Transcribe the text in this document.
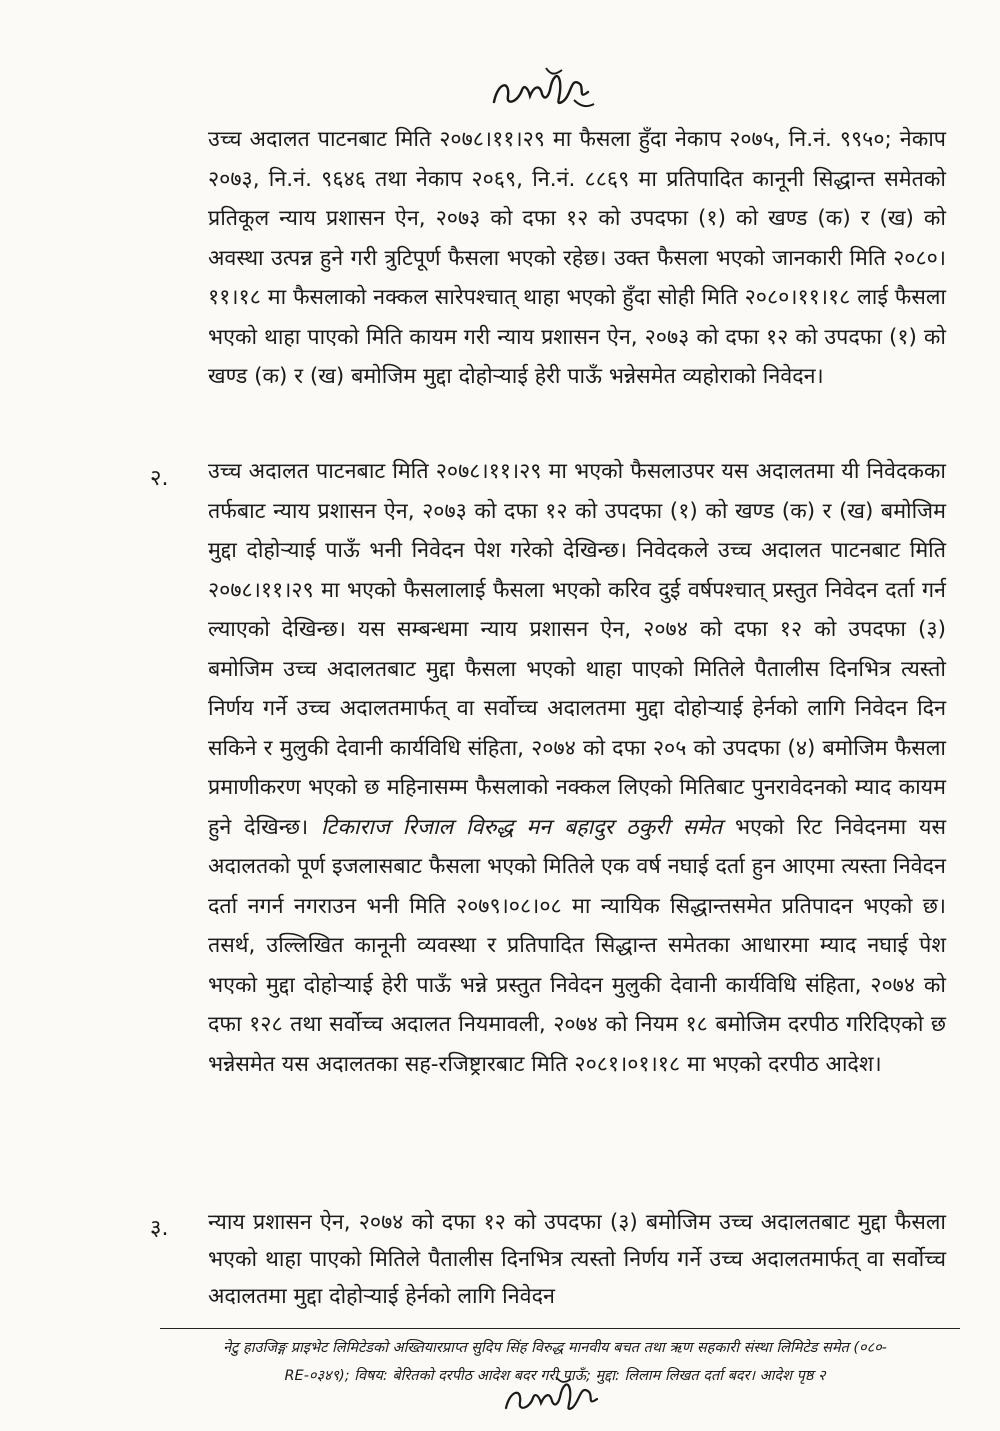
उच्च अदालत पाटनबाट मिति २०७८।११।२९ मा फैसला हुँदा नेकाप २०७५, नि.नं. ९९५०; नेकाप २०७३, नि.नं. ९६४६ तथा नेकाप २०६९, नि.नं. ८८६९ मा प्रतिपादित कानूनी सिद्धान्त समेतको प्रतिकूल न्याय प्रशासन ऐन, २०७३ को दफा १२ को उपदफा (१) को खण्ड (क) र (ख) को अवस्था उत्पन्न हुने गरी त्रुटिपूर्ण फैसला भएको रहेछ। उक्त फैसला भएको जानकारी मिति २०८०।११।१८ मा फैसलाको नक्कल सारेपश्चात् थाहा भएको हुँदा सोही मिति २०८०।११।१८ लाई फैसला भएको थाहा पाएको मिति कायम गरी न्याय प्रशासन ऐन, २०७३ को दफा १२ को उपदफा (१) को खण्ड (क) र (ख) बमोजिम मुद्दा दोहोऱ्याई हेरी पाऊँ भन्नेसमेत व्यहोराको निवेदन।

२. उच्च अदालत पाटनबाट मिति २०७८।११।२९ मा भएको फैसलाउपर यस अदालतमा यी निवेदकका तर्फबाट न्याय प्रशासन ऐन, २०७३ को दफा १२ को उपदफा (१) को खण्ड (क) र (ख) बमोजिम मुद्दा दोहोऱ्याई पाऊँ भनी निवेदन पेश गरेको देखिन्छ। निवेदकले उच्च अदालत पाटनबाट मिति २०७८।११।२९ मा भएको फैसलालाई फैसला भएको करिव दुई वर्षपश्चात् प्रस्तुत निवेदन दर्ता गर्न ल्याएको देखिन्छ। यस सम्बन्धमा न्याय प्रशासन ऐन, २०७४ को दफा १२ को उपदफा (३) बमोजिम उच्च अदालतबाट मुद्दा फैसला भएको थाहा पाएको मितिले पैतालीस दिनभित्र त्यस्तो निर्णय गर्ने उच्च अदालतमार्फत् वा सर्वोच्च अदालतमा मुद्दा दोहोऱ्याई हेर्नको लागि निवेदन दिन सकिने र मुलुकी देवानी कार्यविधि संहिता, २०७४ को दफा २०५ को उपदफा (४) बमोजिम फैसला प्रमाणीकरण भएको छ महिनासम्म फैसलाको नक्कल लिएको मितिबाट पुनरावेदनको म्याद कायम हुने देखिन्छ। टिकाराज रिजाल विरुद्ध मन बहादुर ठकुरी समेत भएको रिट निवेदनमा यस अदालतको पूर्ण इजलासबाट फैसला भएको मितिले एक वर्ष नघाई दर्ता हुन आएमा त्यस्ता निवेदन दर्ता नगर्न नगराउन भनी मिति २०७९।०८।०८ मा न्यायिक सिद्धान्तसमेत प्रतिपादन भएको छ। तसर्थ, उल्लिखित कानूनी व्यवस्था र प्रतिपादित सिद्धान्त समेतका आधारमा म्याद नघाई पेश भएको मुद्दा दोहोऱ्याई हेरी पाऊँ भन्ने प्रस्तुत निवेदन मुलुकी देवानी कार्यविधि संहिता, २०७४ को दफा १२८ तथा सर्वोच्च अदालत नियमावली, २०७४ को नियम १८ बमोजिम दरपीठ गरिदिएको छ भन्नेसमेत यस अदालतका सह-रजिष्ट्रारबाट मिति २०८१।०१।१८ मा भएको दरपीठ आदेश।

३. न्याय प्रशासन ऐन, २०७४ को दफा १२ को उपदफा (३) बमोजिम उच्च अदालतबाट मुद्दा फैसला भएको थाहा पाएको मितिले पैतालीस दिनभित्र त्यस्तो निर्णय गर्ने उच्च अदालतमार्फत् वा सर्वोच्च अदालतमा मुद्दा दोहोऱ्याई हेर्नको लागि निवेदन

नेटु हाउजिङ्ग प्राइभेट लिमिटेडको अख्तियारप्राप्त सुदिप सिंह विरुद्ध मानवीय बचत तथा ऋण सहकारी संस्था लिमिटेड समेत (०८०-
RE-०३४९); विषय: बेरितको दरपीठ आदेश बदर गरी पाऊँ; मुद्दा: लिलाम लिखत दर्ता बदर। आदेश पृष्ठ २
